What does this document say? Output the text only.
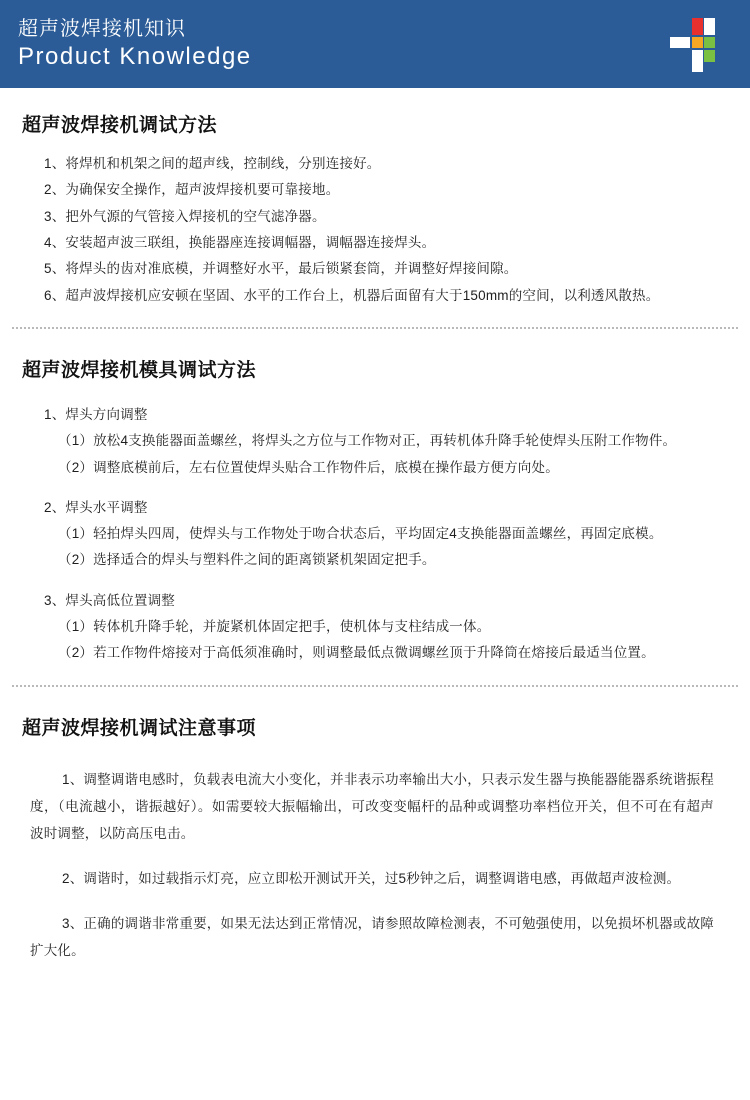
超声波焊接机知识
Product Knowledge
超声波焊接机调试方法
1、将焊机和机架之间的超声线，控制线，分别连接好。
2、为确保安全操作，超声波焊接机要可靠接地。
3、把外气源的气管接入焊接机的空气滤净器。
4、安装超声波三联组，换能器座连接调幅器，调幅器连接焊头。
5、将焊头的齿对准底模，并调整好水平，最后锁紧套筒，并调整好焊接间隙。
6、超声波焊接机应安顿在坚固、水平的工作台上，机器后面留有大于150mm的空间，以利透风散热。
超声波焊接机模具调试方法
1、焊头方向调整
（1）放松4支换能器面盖螺丝，将焊头之方位与工作物对正，再转机体升降手轮使焊头压附工作物件。
（2）调整底模前后，左右位置使焊头贴合工作物件后，底模在操作最方便方向处。
2、焊头水平调整
（1）轻拍焊头四周，使焊头与工作物处于吻合状态后，平均固定4支换能器面盖螺丝，再固定底模。
（2）选择适合的焊头与塑料件之间的距离锁紧机架固定把手。
3、焊头高低位置调整
（1）转体机升降手轮，并旋紧机体固定把手，使机体与支柱结成一体。
（2）若工作物件熔接对于高低须准确时，则调整最低点微调螺丝顶于升降筒在熔接后最适当位置。
超声波焊接机调试注意事项
1、调整调谐电感时，负载表电流大小变化，并非表示功率输出大小，只表示发生器与换能器能器系统谐振程度，（电流越小，谐振越好）。如需要较大振幅输出，可改变变幅杆的品种或调整功率档位开关，但不可在有超声波时调整，以防高压电击。
2、调谐时，如过载指示灯亮，应立即松开测试开关，过5秒钟之后，调整调谐电感，再做超声波检测。
3、正确的调谐非常重要，如果无法达到正常情况，请参照故障检测表，不可勉强使用，以免损坏机器或故障扩大化。
